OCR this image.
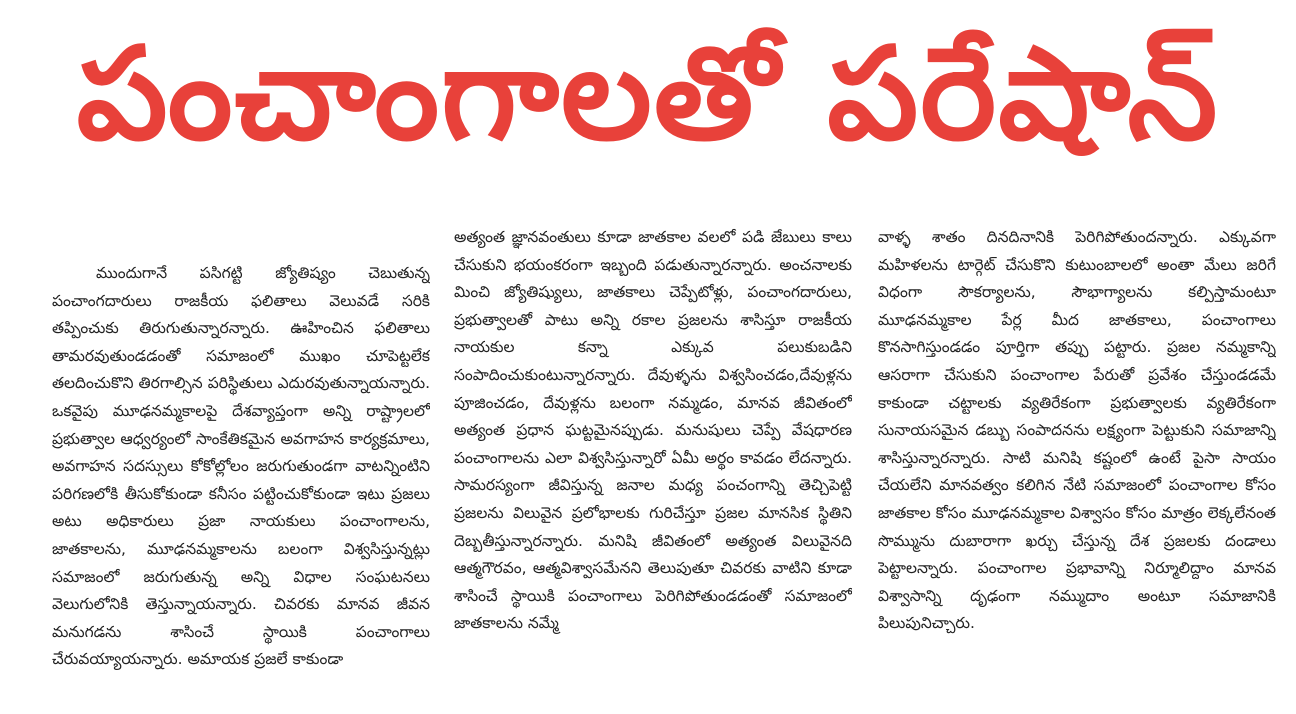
పంచాంగాలతో పరేషాన్
ముందుగానే పసిగట్టి జ్యోతిష్యం చెబుతున్న పంచాంగదారులు రాజకీయ ఫలితాలు వెలువడే సరికి తప్పించుకు తిరుగుతున్నారన్నారు. ఊహించిన ఫలితాలు తామరవుతుండడంతో సమాజంలో ముఖం చూపెట్టలేక తలదించుకొని తిరగాల్సిన పరిస్థితులు ఎదురవుతున్నాయన్నారు. ఒకవైపు మూఢనమ్మకాలపై దేశవ్యాప్తంగా అన్ని రాష్ట్రాలలో ప్రభుత్వాల ఆధ్వర్యంలో సాంకేతికమైన అవగాహన కార్యక్రమాలు, అవగాహన సదస్సులు కోకోల్లోలం జరుగుతుండగా వాటన్నింటిని పరిగణలోకి తీసుకోకుండా కనీసం పట్టించుకోకుండా ఇటు ప్రజలు అటు అధికారులు ప్రజా నాయకులు పంచాంగాలను, జాతకాలను, మూఢనమ్మకాలను బలంగా విశ్వసిస్తున్నట్లు సమాజంలో జరుగుతున్న అన్ని విధాల సంఘటనలు వెలుగులోనికి తెస్తున్నాయన్నారు. చివరకు మానవ జీవన మనుగడను శాసించే స్థాయికి పంచాంగాలు చేరువయ్యాయన్నారు. అమాయక ప్రజలే కాకుండా
అత్యంత జ్ఞానవంతులు కూడా జాతకాల వలలో పడి జేబులు కాలు చేసుకుని భయంకరంగా ఇబ్బంది పడుతున్నారన్నారు. అంచనాలకు మించి జ్యోతిష్యులు, జాతకాలు చెప్పేటోళ్లు, పంచాంగదారులు, ప్రభుత్వాలతో పాటు అన్ని రకాల ప్రజలను శాసిస్తూ రాజకీయ నాయకుల కన్నా ఎక్కువ పలుకుబడిని సంపాదించుకుంటున్నారన్నారు. దేవుళ్ళను విశ్వసించడం,దేవుళ్లను పూజించడం, దేవుళ్లను బలంగా నమ్మడం, మానవ జీవితంలో అత్యంత ప్రధాన ఘట్టమైనప్పుడు. మనుషులు చెప్పే వేషధారణ పంచాంగాలను ఎలా విశ్వసిస్తున్నారో ఏమీ అర్థం కావడం లేదన్నారు. సామరస్యంగా జీవిస్తున్న జనాల మధ్య పంచంగాన్ని తెచ్చిపెట్టి ప్రజలను విలువైన ప్రలోభాలకు గురిచేస్తూ ప్రజల మానసిక స్థితిని దెబ్బతీస్తున్నారన్నారు. మనిషి జీవితంలో అత్యంత విలువైనది ఆత్మగౌరవం, ఆత్మవిశ్వాసమేనని తెలుపుతూ చివరకు వాటిని కూడా శాసించే స్థాయికి పంచాంగాలు పెరిగిపోతుండడంతో సమాజంలో జాతకాలను నమ్మే
వాళ్ళ శాతం దినదినానికి పెరిగిపోతుందన్నారు. ఎక్కువగా మహిళలను టార్గెట్ చేసుకొని కుటుంబాలలో అంతా మేలు జరిగే విధంగా సౌకర్యాలను, సౌభాగ్యాలను కల్పిస్తామంటూ మూఢనమ్మకాల పేర్ల మీద జాతకాలు, పంచాంగాలు కొనసాగిస్తుండడం పూర్తిగా తప్పు పట్టారు. ప్రజల నమ్మకాన్ని ఆసరాగా చేసుకుని పంచాంగాల పేరుతో ప్రవేశం చేస్తుండడమే కాకుండా చట్టాలకు వ్యతిరేకంగా ప్రభుత్వాలకు వ్యతిరేకంగా సునాయసమైన డబ్బు సంపాదనను లక్ష్యంగా పెట్టుకుని సమాజాన్ని శాసిస్తున్నారన్నారు. సాటి మనిషి కష్టంలో ఉంటే పైసా సాయం చేయలేని మానవత్వం కలిగిన నేటి సమాజంలో పంచాంగాల కోసం జాతకాల కోసం మూఢనమ్మకాల విశ్వాసం కోసం మాత్రం లెక్కలేనంత సొమ్మును దుబారాగా ఖర్చు చేస్తున్న దేశ ప్రజలకు దండాలు పెట్టాలన్నారు. పంచాంగాల ప్రభావాన్ని నిర్మూలిద్దాం మానవ విశ్వాసాన్ని దృఢంగా నమ్ముదాం అంటూ సమాజానికి పిలుపునిచ్చారు.
